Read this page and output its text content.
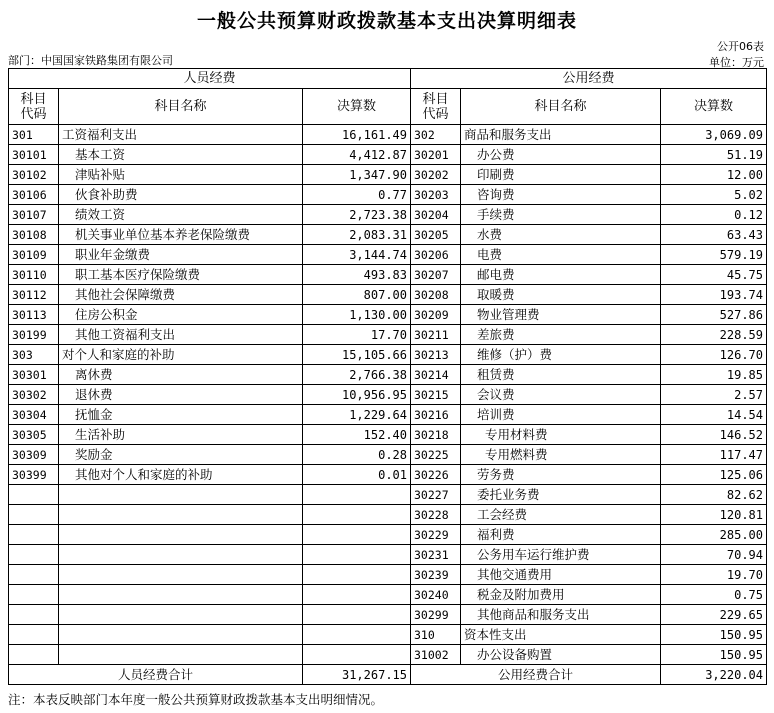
一般公共预算财政拨款基本支出决算明细表
公开06表
部门：中国国家铁路集团有限公司	单位：万元
人员经费			公用经费		
科目
代码	科目名称	决算数	科目
代码	科目名称	决算数
301	工资福利支出	16,161.49	302	商品和服务支出	3,069.09
30101	基本工资	4,412.87	30201	办公费	51.19
30102	津贴补贴	1,347.90	30202	印刷费	12.00
30106	伙食补助费	0.77	30203	咨询费	5.02
30107	绩效工资	2,723.38	30204	手续费	0.12
30108	机关事业单位基本养老保险缴费	2,083.31	30205	水费	63.43
30109	职业年金缴费	3,144.74	30206	电费	579.19
30110	职工基本医疗保险缴费	493.83	30207	邮电费	45.75
30112	其他社会保障缴费	807.00	30208	取暖费	193.74
30113	住房公积金	1,130.00	30209	物业管理费	527.86
30199	其他工资福利支出	17.70	30211	差旅费	228.59
303	对个人和家庭的补助	15,105.66	30213	维修（护）费	126.70
30301	离休费	2,766.38	30214	租赁费	19.85
30302	退休费	10,956.95	30215	会议费	2.57
30304	抚恤金	1,229.64	30216	培训费	14.54
30305	生活补助	152.40	30218	专用材料费	146.52
30309	奖励金	0.28	30225	专用燃料费	117.47
30399	其他对个人和家庭的补助	0.01	30226	劳务费	125.06
			30227	委托业务费	82.62
			30228	工会经费	120.81
			30229	福利费	285.00
			30231	公务用车运行维护费	70.94
			30239	其他交通费用	19.70
			30240	税金及附加费用	0.75
			30299	其他商品和服务支出	229.65
			310	资本性支出	150.95
			31002	办公设备购置	150.95
人员经费合计		31,267.15	公用经费合计		3,220.04
注：本表反映部门本年度一般公共预算财政拨款基本支出明细情况。
